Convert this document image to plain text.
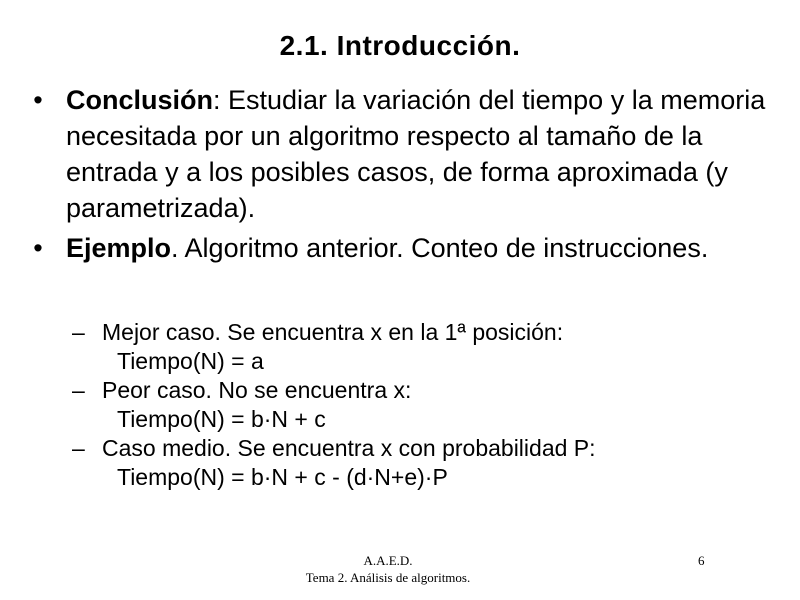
2.1. Introducción.
• Conclusión: Estudiar la variación del tiempo y la memoria necesitada por un algoritmo respecto al tamaño de la entrada y a los posibles casos, de forma aproximada (y parametrizada).
• Ejemplo. Algoritmo anterior. Conteo de instrucciones.
– Mejor caso. Se encuentra x en la 1ª posición:
Tiempo(N) = a
– Peor caso. No se encuentra x:
Tiempo(N) = b·N + c
– Caso medio. Se encuentra x con probabilidad P:
Tiempo(N) = b·N + c - (d·N+e)·P
A.A.E.D.
Tema 2. Análisis de algoritmos.
6
